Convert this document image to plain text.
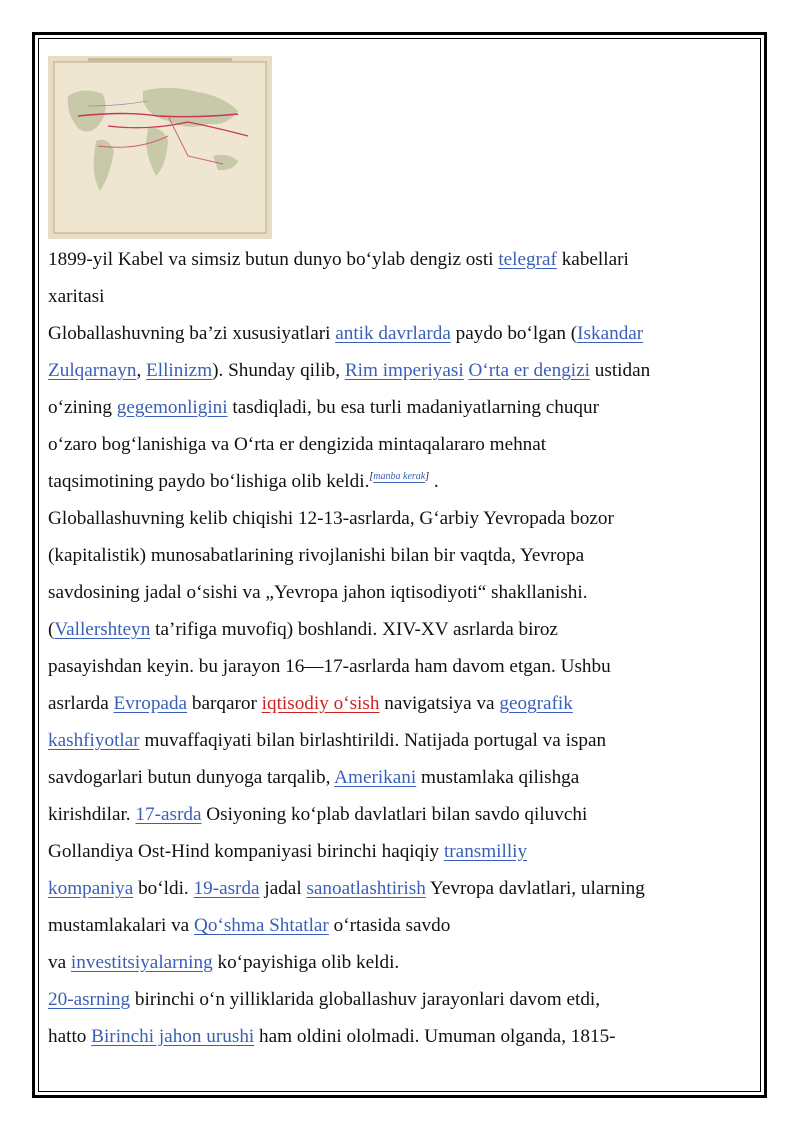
1899-yil Kabel va simsiz butun dunyo bo‘ylab dengiz osti telegraf kabellari
xaritasi
Globallashuvning ba’zi xususiyatlari antik davrlarda paydo bo‘lgan (Iskandar
Zulqarnayn, Ellinizm). Shunday qilib, Rim imperiyasi O‘rta er dengizi ustidan
o‘zining gegemonligini tasdiqladi, bu esa turli madaniyatlarning chuqur
o‘zaro bog‘lanishiga va O‘rta er dengizida mintaqalararo mehnat
taqsimotining paydo bo‘lishiga olib keldi.[manba kerak] .
Globallashuvning kelib chiqishi 12-13-asrlarda, G‘arbiy Yevropada bozor
(kapitalistik) munosabatlarining rivojlanishi bilan bir vaqtda, Yevropa
savdosining jadal o‘sishi va „Yevropa jahon iqtisodiyoti“ shakllanishi.
(Vallershteyn ta’rifiga muvofiq) boshlandi. XIV-XV asrlarda biroz
pasayishdan keyin. bu jarayon 16—17-asrlarda ham davom etgan. Ushbu
asrlarda Evropada barqaror iqtisodiy o‘sish navigatsiya va geografik
kashfiyotlar muvaffaqiyati bilan birlashtirildi. Natijada portugal va ispan
savdogarlari butun dunyoga tarqalib, Amerikani mustamlaka qilishga
kirishdilar. 17-asrda Osiyoning ko‘plab davlatlari bilan savdo qiluvchi
Gollandiya Ost-Hind kompaniyasi birinchi haqiqiy transmilliy
kompaniya bo‘ldi. 19-asrda jadal sanoatlashtirish Yevropa davlatlari, ularning
mustamlakalari va Qo‘shma Shtatlar o‘rtasida savdo
va investitsiyalarning ko‘payishiga olib keldi.
20-asrning birinchi o‘n yilliklarida globallashuv jarayonlari davom etdi,
hatto Birinchi jahon urushi ham oldini ololmadi. Umuman olganda, 1815-
